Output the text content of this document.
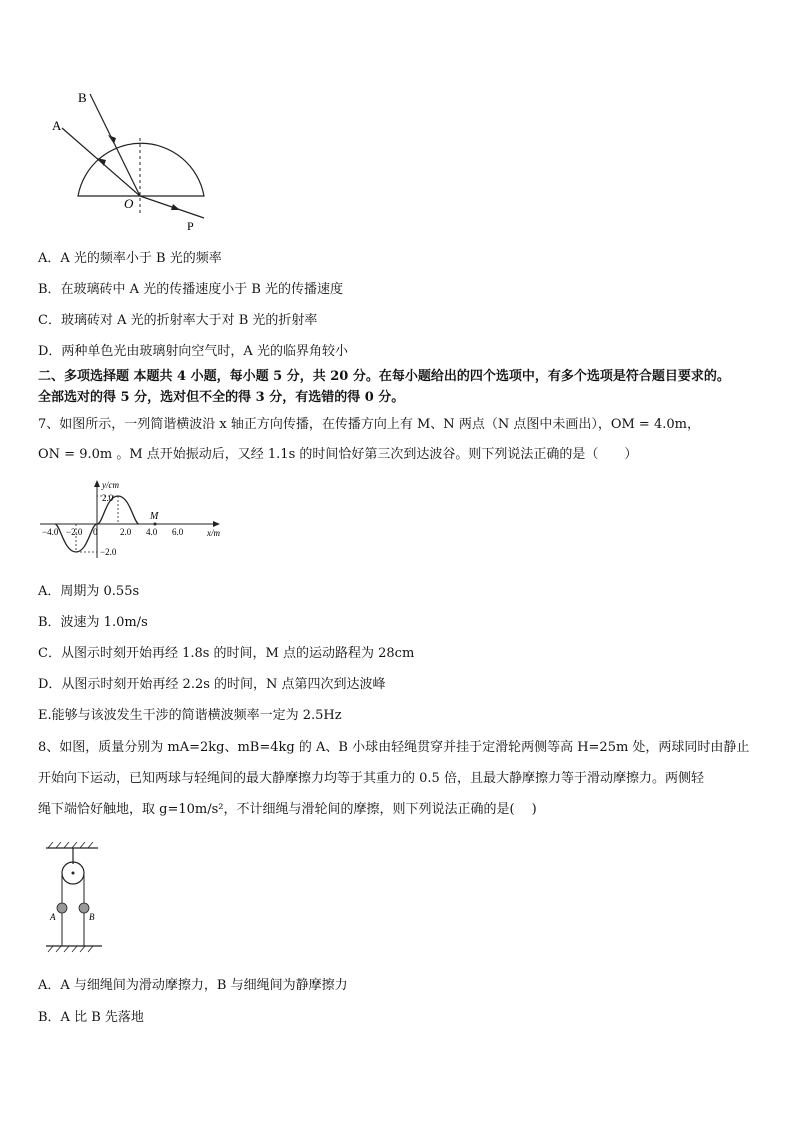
A
B
O
P
A．A 光的频率小于 B 光的频率
B．在玻璃砖中 A 光的传播速度小于 B 光的传播速度
C．玻璃砖对 A 光的折射率大于对 B 光的折射率
D．两种单色光由玻璃射向空气时，A 光的临界角较小
二、多项选择题 本题共 4 小题，每小题 5 分，共 20 分。在每小题给出的四个选项中，有多个选项是符合题目要求的。
全部选对的得 5 分，选对但不全的得 3 分，有选错的得 0 分。
7、如图所示，一列简谐横波沿 x 轴正方向传播，在传播方向上有 M、N 两点（N 点图中未画出），OM = 4.0m，
ON = 9.0m 。M 点开始振动后，又经 1.1s 的时间恰好第三次到达波谷。则下列说法正确的是（　　）
y/cm
2.0
−2.0
−4.0 −2.0 0	2.0 4.0 6.0
M
x/m
A．周期为 0.55s
B．波速为 1.0m/s
C．从图示时刻开始再经 1.8s 的时间，M 点的运动路程为 28cm
D．从图示时刻开始再经 2.2s 的时间，N 点第四次到达波峰
E.能够与该波发生干涉的简谐横波频率一定为 2.5Hz
8、如图，质量分别为 mA=2kg、mB=4kg 的 A、B 小球由轻绳贯穿并挂于定滑轮两侧等高 H=25m 处，两球同时由静止
开始向下运动，已知两球与轻绳间的最大静摩擦力均等于其重力的 0.5 倍，且最大静摩擦力等于滑动摩擦力。两侧轻
绳下端恰好触地，取 g=10m/s²，不计细绳与滑轮间的摩擦，则下列说法正确的是(　 )
A	B
A．A 与细绳间为滑动摩擦力，B 与细绳间为静摩擦力
B．A 比 B 先落地
